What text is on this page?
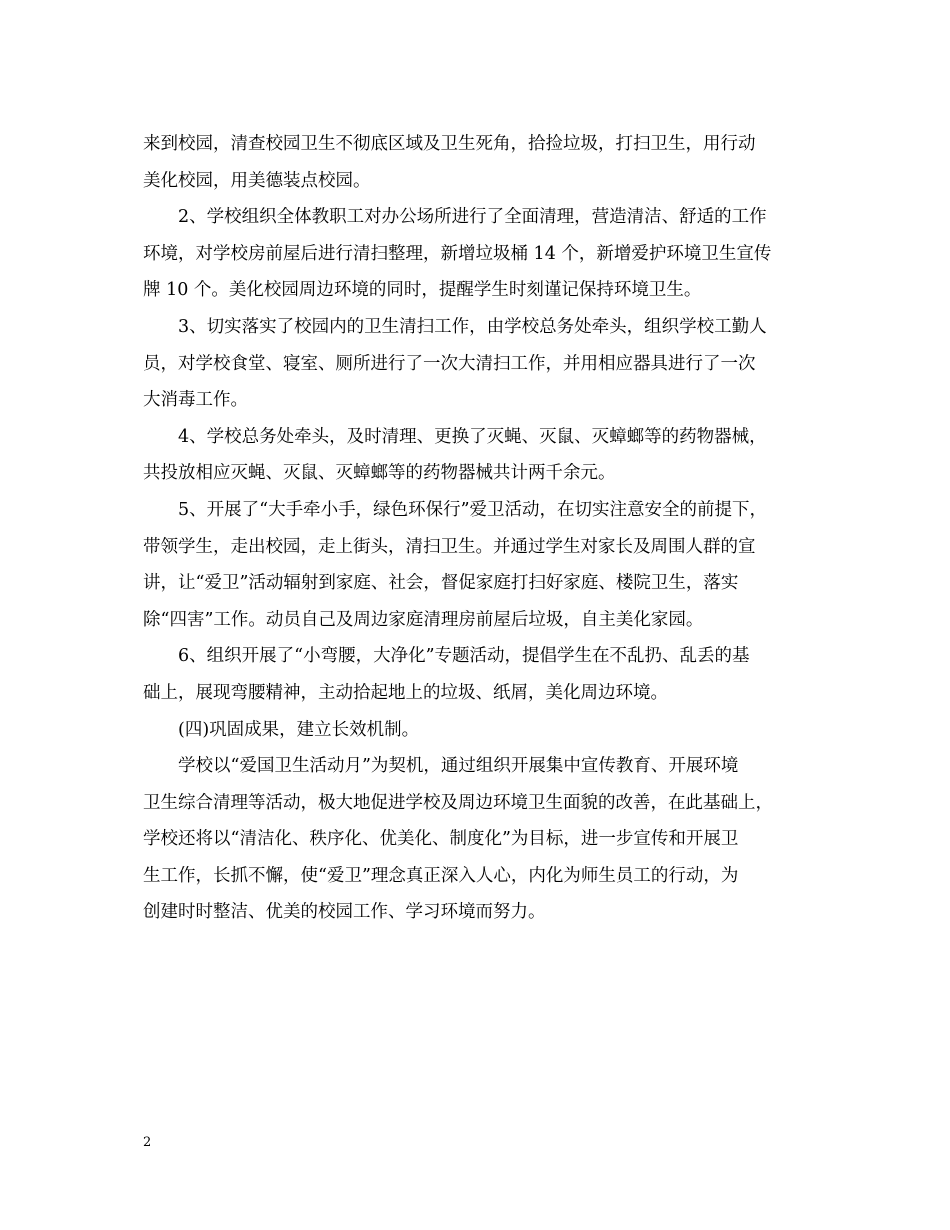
来到校园，清查校园卫生不彻底区域及卫生死角，拾捡垃圾，打扫卫生，用行动
美化校园，用美德装点校园。
2、学校组织全体教职工对办公场所进行了全面清理，营造清洁、舒适的工作
环境，对学校房前屋后进行清扫整理，新增垃圾桶 14 个，新增爱护环境卫生宣传
牌 10 个。美化校园周边环境的同时，提醒学生时刻谨记保持环境卫生。
3、切实落实了校园内的卫生清扫工作，由学校总务处牵头，组织学校工勤人
员，对学校食堂、寝室、厕所进行了一次大清扫工作，并用相应器具进行了一次
大消毒工作。
4、学校总务处牵头，及时清理、更换了灭蝇、灭鼠、灭蟑螂等的药物器械，
共投放相应灭蝇、灭鼠、灭蟑螂等的药物器械共计两千余元。
5、开展了“大手牵小手，绿色环保行”爱卫活动，在切实注意安全的前提下，
带领学生，走出校园，走上街头，清扫卫生。并通过学生对家长及周围人群的宣
讲，让“爱卫”活动辐射到家庭、社会，督促家庭打扫好家庭、楼院卫生，落实
除“四害”工作。动员自己及周边家庭清理房前屋后垃圾，自主美化家园。
6、组织开展了“小弯腰，大净化”专题活动，提倡学生在不乱扔、乱丢的基
础上，展现弯腰精神，主动拾起地上的垃圾、纸屑，美化周边环境。
(四)巩固成果，建立长效机制。
学校以“爱国卫生活动月”为契机，通过组织开展集中宣传教育、开展环境
卫生综合清理等活动，极大地促进学校及周边环境卫生面貌的改善，在此基础上，
学校还将以“清洁化、秩序化、优美化、制度化”为目标，进一步宣传和开展卫
生工作，长抓不懈，使“爱卫”理念真正深入人心，内化为师生员工的行动，为
创建时时整洁、优美的校园工作、学习环境而努力。
2
